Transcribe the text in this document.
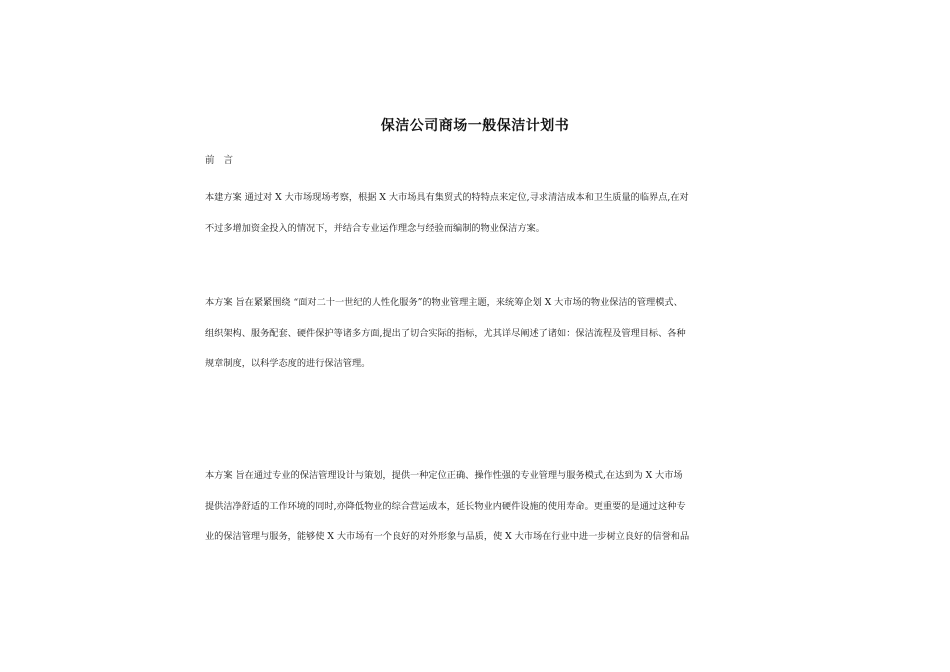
保洁公司商场一般保洁计划书
前 言
本建方案 通过对 X 大市场现场考察，根据 X 大市场具有集贸式的特特点来定位,寻求清洁成本和卫生质量的临界点,在对
不过多增加资金投入的情况下，并结合专业运作理念与经验而编制的物业保洁方案。
本方案 旨在紧紧围绕 “面对二十一世纪的人性化服务”的物业管理主题，来统筹企划 X 大市场的物业保洁的管理模式、
组织架构、服务配套、硬件保护等诸多方面,提出了切合实际的指标，尤其详尽阐述了诸如：保洁流程及管理目标、各种
规章制度，以科学态度的进行保洁管理。
本方案 旨在通过专业的保洁管理设计与策划，提供一种定位正确、操作性强的专业管理与服务模式,在达到为 X 大市场
提供洁净舒适的工作环境的同时,亦降低物业的综合营运成本，延长物业内硬件设施的使用寿命。更重要的是通过这种专
业的保洁管理与服务，能够使 X 大市场有一个良好的对外形象与品质，使 X 大市场在行业中进一步树立良好的信誉和品
